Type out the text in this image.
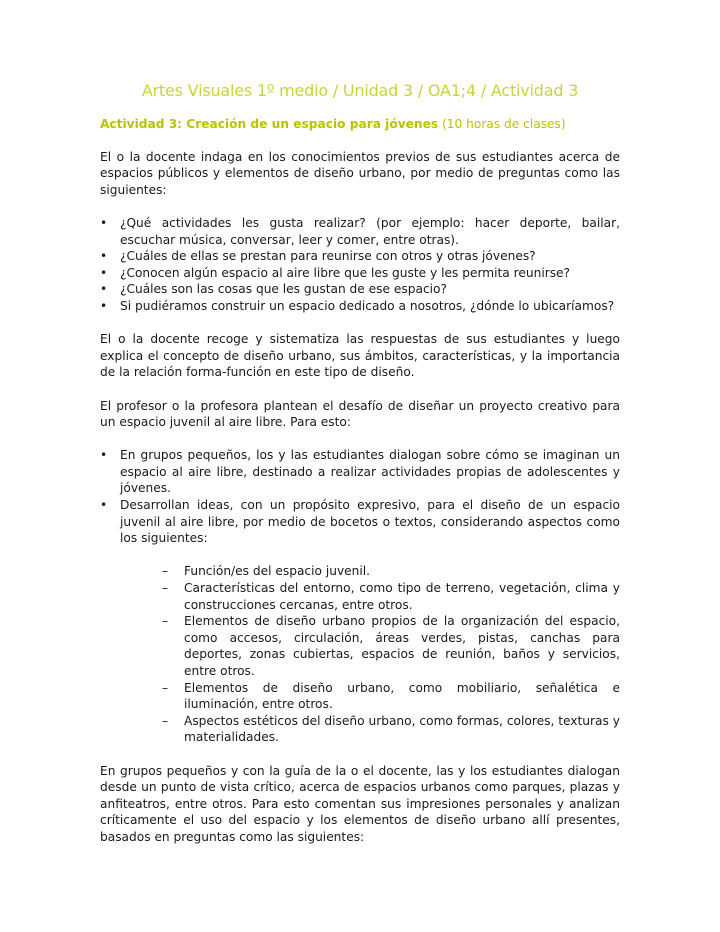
Artes Visuales 1º medio / Unidad 3 / OA1;4 / Actividad 3
Actividad 3: Creación de un espacio para jóvenes (10 horas de clases)

El o la docente indaga en los conocimientos previos de sus estudiantes acerca de espacios públicos y elementos de diseño urbano, por medio de preguntas como las siguientes:

• ¿Qué actividades les gusta realizar? (por ejemplo: hacer deporte, bailar, escuchar música, conversar, leer y comer, entre otras).
• ¿Cuáles de ellas se prestan para reunirse con otros y otras jóvenes?
• ¿Conocen algún espacio al aire libre que les guste y les permita reunirse?
• ¿Cuáles son las cosas que les gustan de ese espacio?
• Si pudiéramos construir un espacio dedicado a nosotros, ¿dónde lo ubicaríamos?

El o la docente recoge y sistematiza las respuestas de sus estudiantes y luego explica el concepto de diseño urbano, sus ámbitos, características, y la importancia de la relación forma-función en este tipo de diseño.

El profesor o la profesora plantean el desafío de diseñar un proyecto creativo para un espacio juvenil al aire libre. Para esto:

• En grupos pequeños, los y las estudiantes dialogan sobre cómo se imaginan un espacio al aire libre, destinado a realizar actividades propias de adolescentes y jóvenes.
• Desarrollan ideas, con un propósito expresivo, para el diseño de un espacio juvenil al aire libre, por medio de bocetos o textos, considerando aspectos como los siguientes:
– Función/es del espacio juvenil.
– Características del entorno, como tipo de terreno, vegetación, clima y construcciones cercanas, entre otros.
– Elementos de diseño urbano propios de la organización del espacio, como accesos, circulación, áreas verdes, pistas, canchas para deportes, zonas cubiertas, espacios de reunión, baños y servicios, entre otros.
– Elementos de diseño urbano, como mobiliario, señalética e iluminación, entre otros.
– Aspectos estéticos del diseño urbano, como formas, colores, texturas y materialidades.

En grupos pequeños y con la guía de la o el docente, las y los estudiantes dialogan desde un punto de vista crítico, acerca de espacios urbanos como parques, plazas y anfiteatros, entre otros. Para esto comentan sus impresiones personales y analizan críticamente el uso del espacio y los elementos de diseño urbano allí presentes, basados en preguntas como las siguientes:
